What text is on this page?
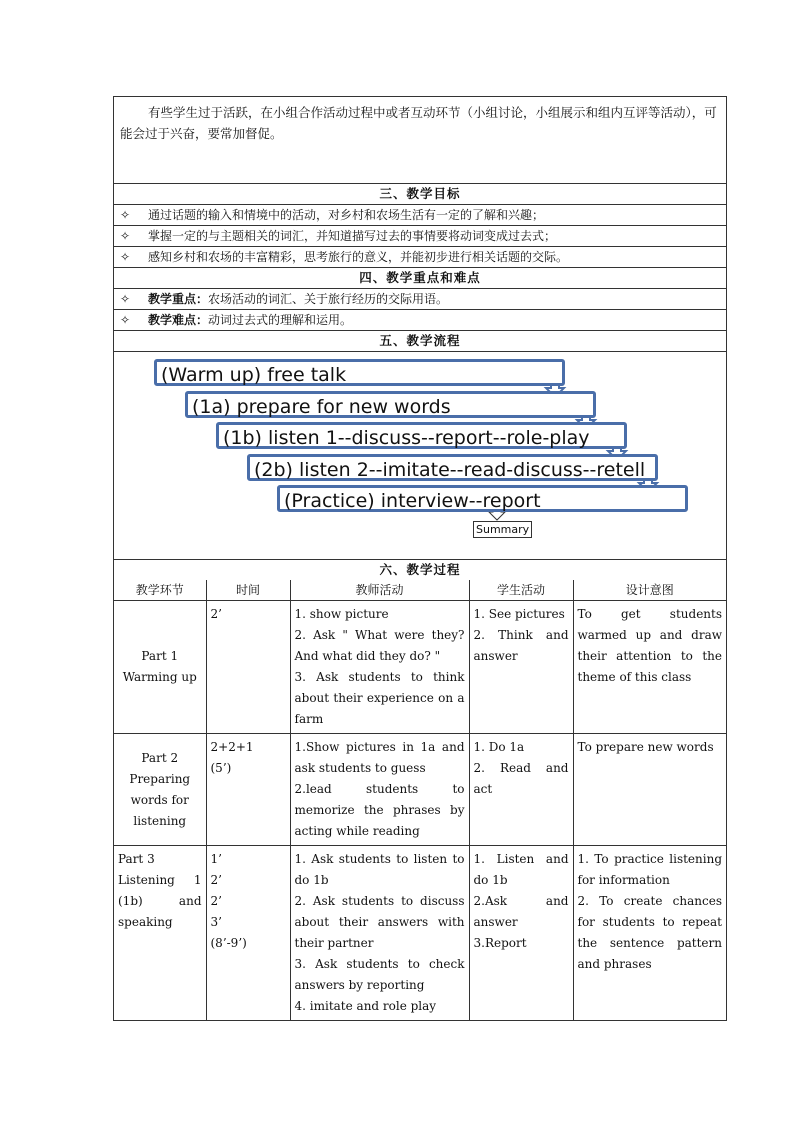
有些学生过于活跃，在小组合作活动过程中或者互动环节（小组讨论，小组展示和组内互评等活动），可能会过于兴奋，要常加督促。
三、教学目标
✧ 通过话题的输入和情境中的活动，对乡村和农场生活有一定的了解和兴趣；
✧ 掌握一定的与主题相关的词汇，并知道描写过去的事情要将动词变成过去式；
✧ 感知乡村和农场的丰富精彩，思考旅行的意义，并能初步进行相关话题的交际。
四、教学重点和难点
✧ 教学重点：农场活动的词汇、关于旅行经历的交际用语。
✧ 教学难点：动词过去式的理解和运用。
五、教学流程
(Warm up) free talk
(1a) prepare for new words
(1b) listen 1--discuss--report--role-play
(2b) listen 2--imitate--read-discuss--retell
(Practice) interview--report
Summary
六、教学过程
教学环节	时间	教师活动	学生活动	设计意图

Part 1
Warming up	2’	1. show picture
2. Ask " What were they? And what did they do? "
3. Ask students to think about their experience on a farm	1. See pictures
2. Think and answer	To get students warmed up and draw their attention to the theme of this class

Part 2
Preparing words for listening	2+2+1
(5’)	1.Show pictures in 1a and ask students to guess
2.lead students to memorize the phrases by acting while reading	1. Do 1a
2. Read and act	To prepare new words

Part 3
Listening 1 (1b) and speaking	1’
2’
2’
3’
(8’-9’)	1. Ask students to listen to do 1b
2. Ask students to discuss about their answers with their partner
3. Ask students to check answers by reporting
4. imitate and role play	1. Listen and do 1b
2.Ask and answer
3.Report	1. To practice listening for information
2. To create chances for students to repeat the sentence pattern and phrases
